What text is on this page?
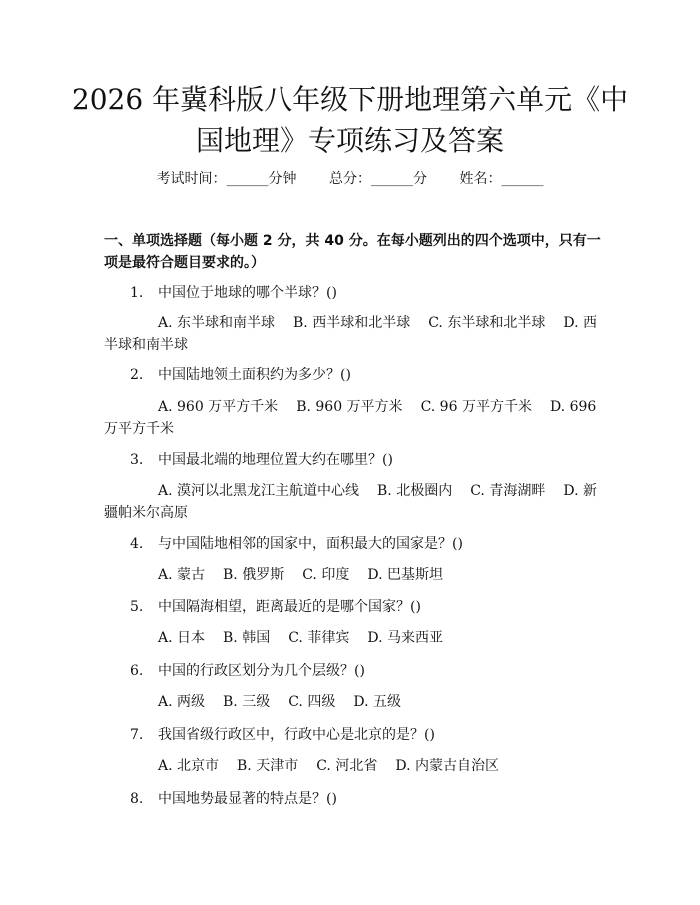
2026 年冀科版八年级下册地理第六单元《中
国地理》专项练习及答案
考试时间：______分钟 总分：______分 姓名：______
一、单项选择题（每小题 2 分，共 40 分。在每小题列出的四个选项中，只有一项是最符合题目要求的。）
1. 中国位于地球的哪个半球？()
A. 东半球和南半球 B. 西半球和北半球 C. 东半球和北半球 D. 西半球和南半球
2. 中国陆地领土面积约为多少？()
A. 960 万平方千米 B. 960 万平方米 C. 96 万平方千米 D. 696 万平方千米
3. 中国最北端的地理位置大约在哪里？()
A. 漠河以北黑龙江主航道中心线 B. 北极圈内 C. 青海湖畔 D. 新疆帕米尔高原
4. 与中国陆地相邻的国家中，面积最大的国家是？()
A. 蒙古 B. 俄罗斯 C. 印度 D. 巴基斯坦
5. 中国隔海相望，距离最近的是哪个国家？()
A. 日本 B. 韩国 C. 菲律宾 D. 马来西亚
6. 中国的行政区划分为几个层级？()
A. 两级 B. 三级 C. 四级 D. 五级
7. 我国省级行政区中，行政中心是北京的是？()
A. 北京市 B. 天津市 C. 河北省 D. 内蒙古自治区
8. 中国地势最显著的特点是？()
